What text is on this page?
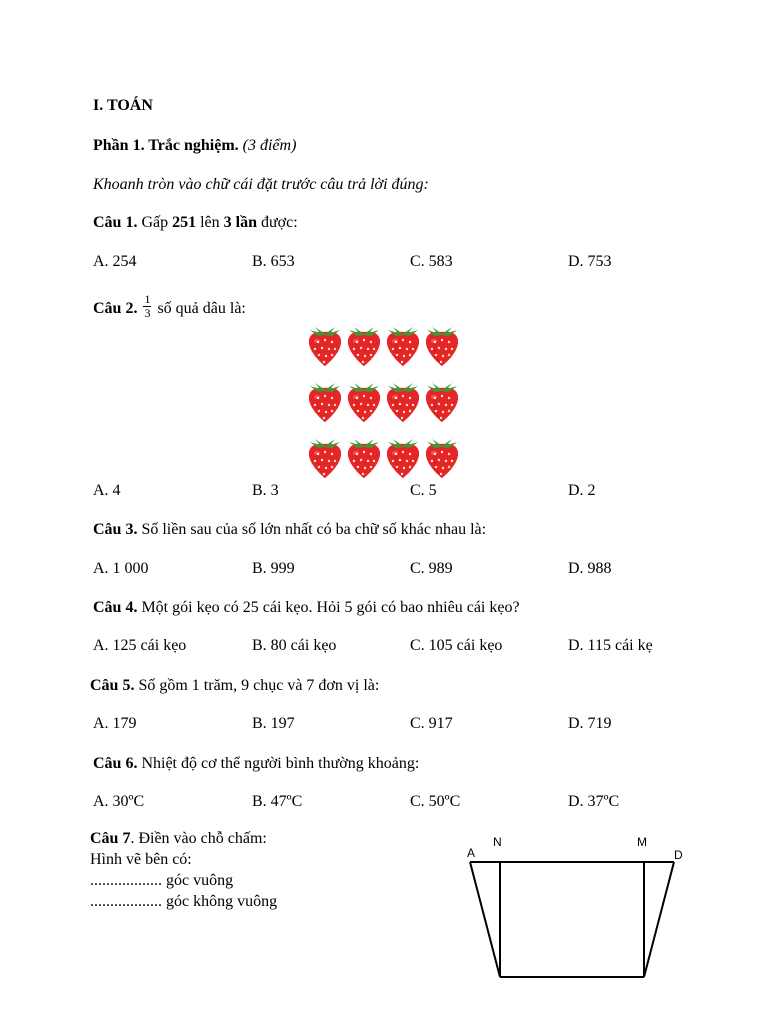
I. TOÁN
Phần 1. Trắc nghiệm. (3 điểm)
Khoanh tròn vào chữ cái đặt trước câu trả lời đúng:
Câu 1. Gấp 251 lên 3 lần được:
A. 254	B. 653	C. 583	D. 753
Câu 2. $\frac{1}{3}$ số quả dâu là:
A. 4	B. 3	C. 5	D. 2
Câu 3. Số liền sau của số lớn nhất có ba chữ số khác nhau là:
A. 1 000	B. 999	C. 989	D. 988
Câu 4. Một gói kẹo có 25 cái kẹo. Hỏi 5 gói có bao nhiêu cái kẹo?
A. 125 cái kẹo	B. 80 cái kẹo	C. 105 cái kẹo	D. 115 cái kẹ
Câu 5. Số gồm 1 trăm, 9 chục và 7 đơn vị là:
A. 179	B. 197	C. 917	D. 719
Câu 6. Nhiệt độ cơ thể người bình thường khoảng:
A. 30ºC	B. 47ºC	C. 50ºC	D. 37ºC
Câu 7. Điền vào chỗ chấm:
Hình vẽ bên có:
.................. góc vuông
.................. góc không vuông
A
N	M
D
